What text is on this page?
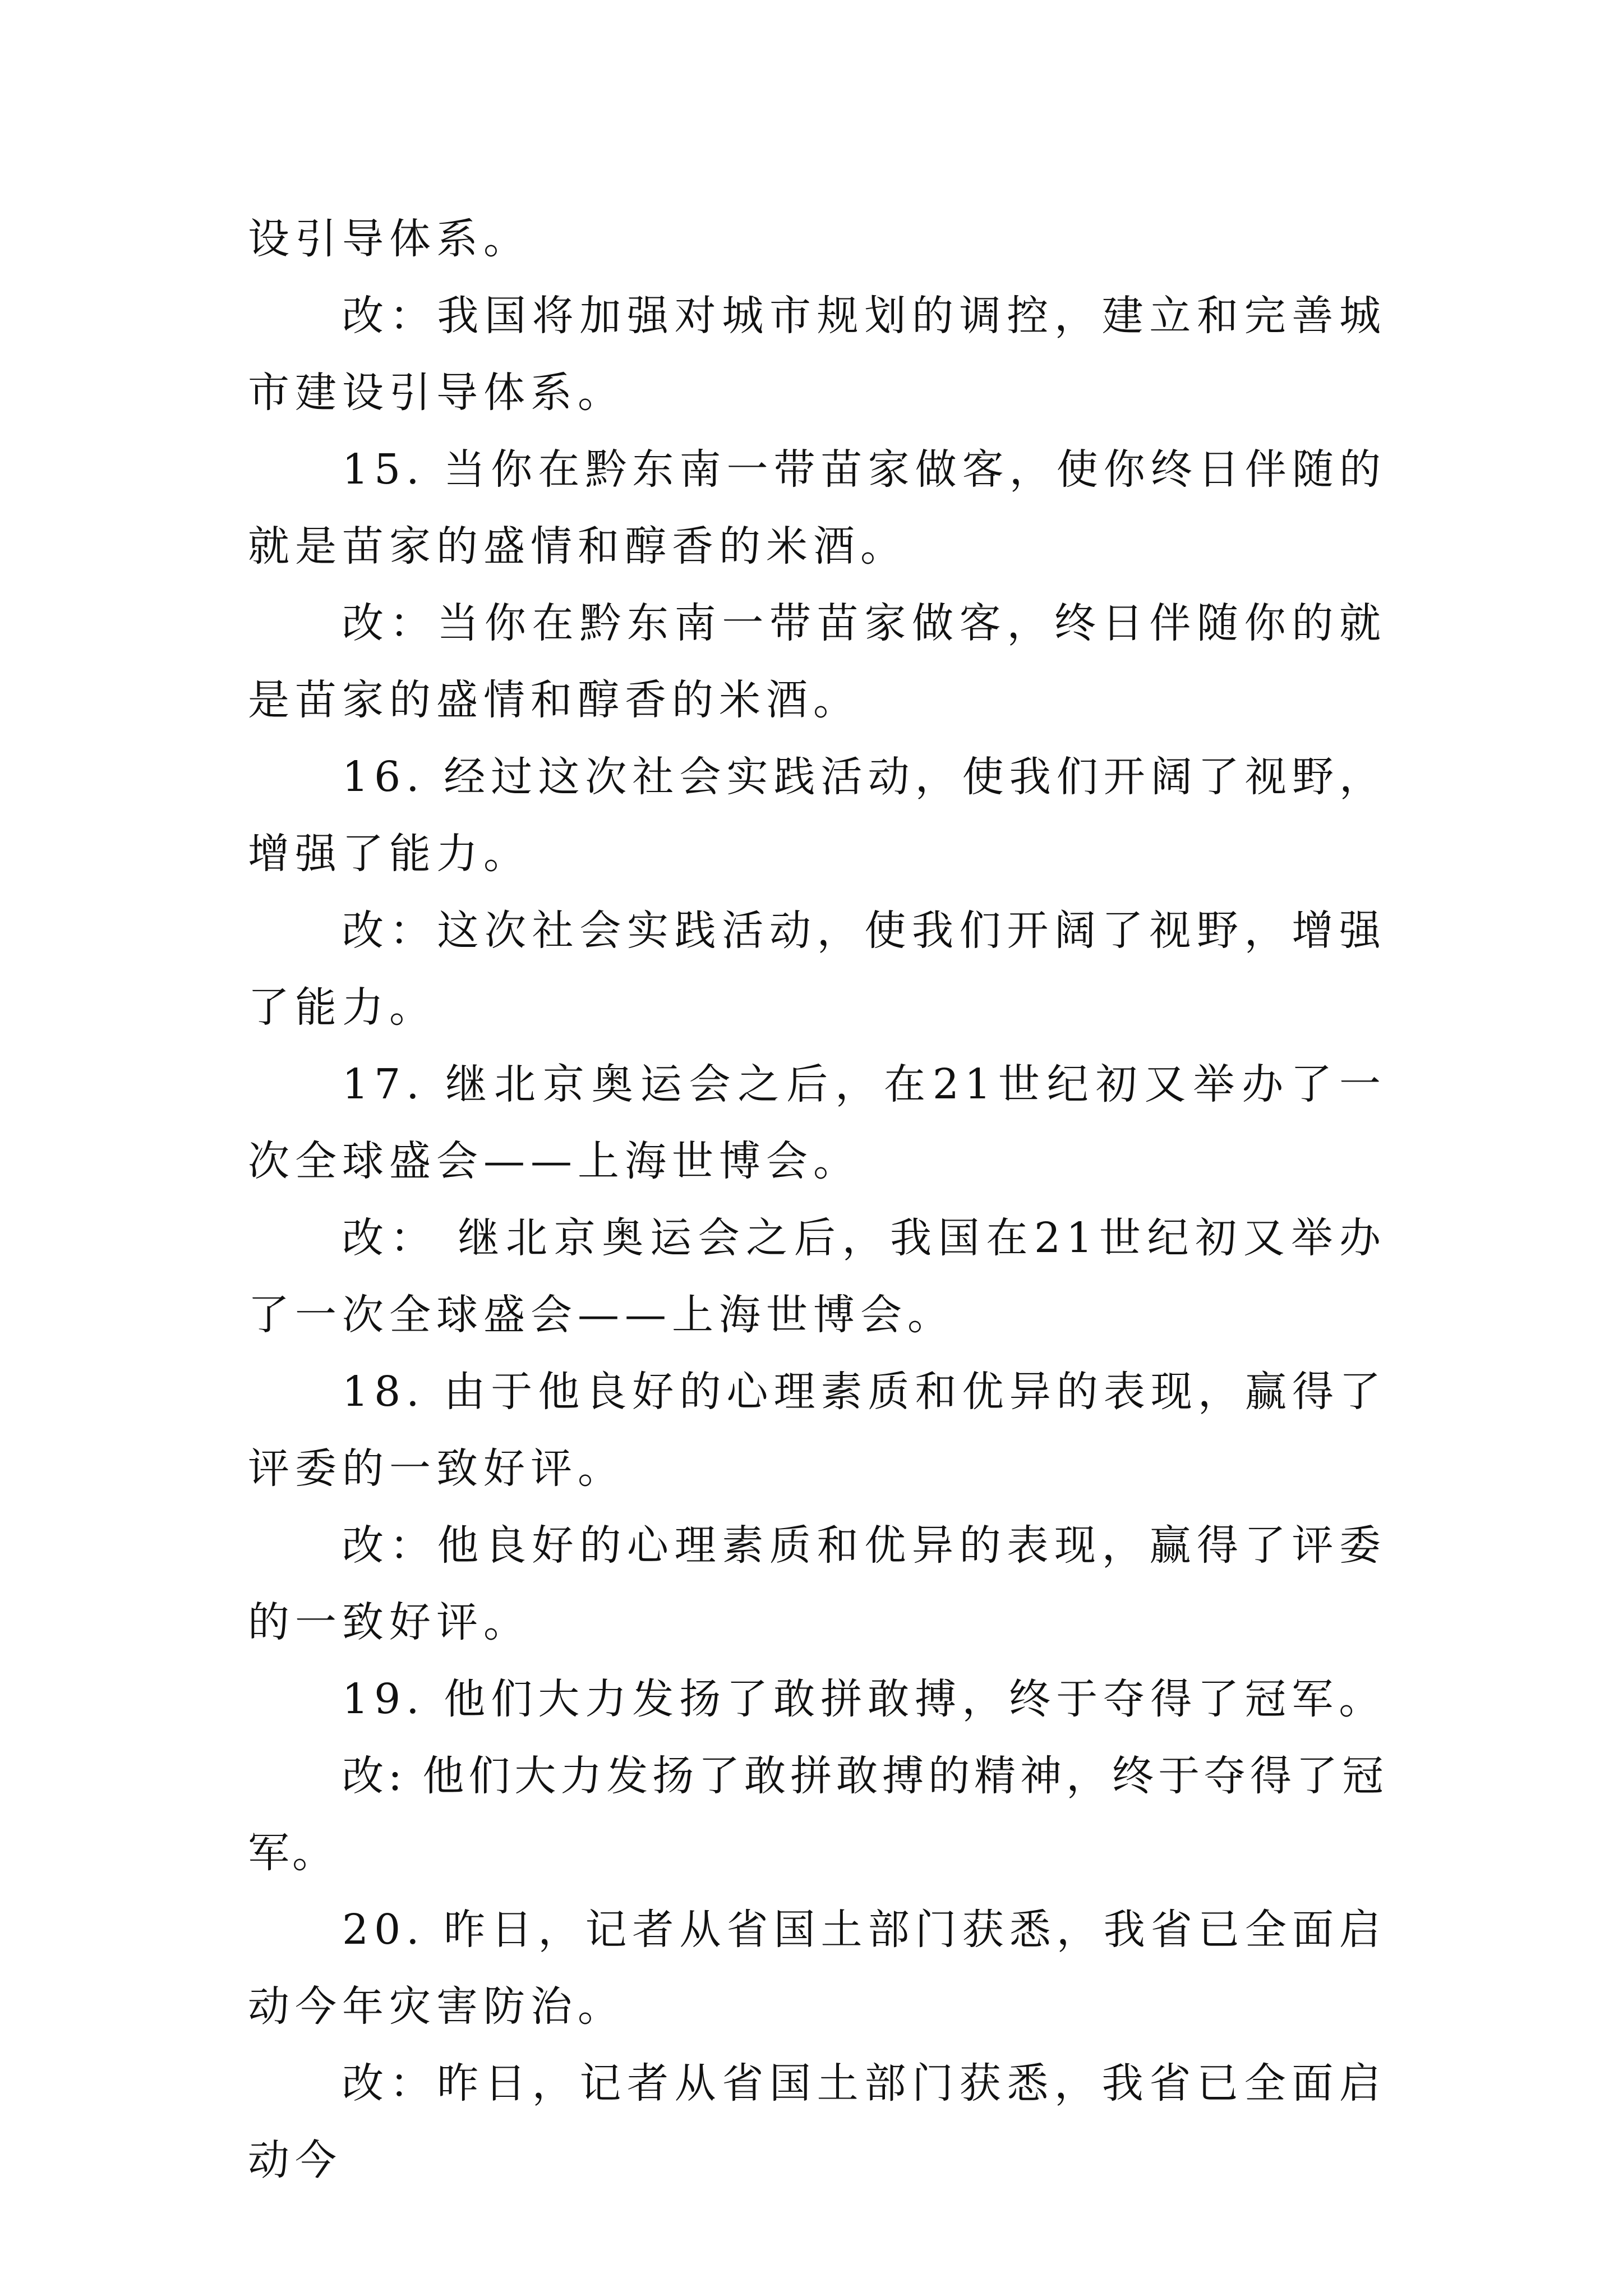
设引导体系。

改：我国将加强对城市规划的调控，建立和完善城市建设引导体系。

15. 当你在黔东南一带苗家做客，使你终日伴随的就是苗家的盛情和醇香的米酒。

改：当你在黔东南一带苗家做客，终日伴随你的就是苗家的盛情和醇香的米酒。

16. 经过这次社会实践活动，使我们开阔了视野，增强了能力。

改：这次社会实践活动，使我们开阔了视野，增强了能力。

17. 继北京奥运会之后，在21世纪初又举办了一次全球盛会——上海世博会。

改： 继北京奥运会之后，我国在21世纪初又举办了一次全球盛会——上海世博会。

18. 由于他良好的心理素质和优异的表现，赢得了评委的一致好评。

改：他良好的心理素质和优异的表现，赢得了评委的一致好评。

19. 他们大力发扬了敢拼敢搏，终于夺得了冠军。

改: 他们大力发扬了敢拼敢搏的精神，终于夺得了冠军。

20. 昨日，记者从省国土部门获悉，我省已全面启动今年灾害防治。

改：昨日，记者从省国土部门获悉，我省已全面启动今
